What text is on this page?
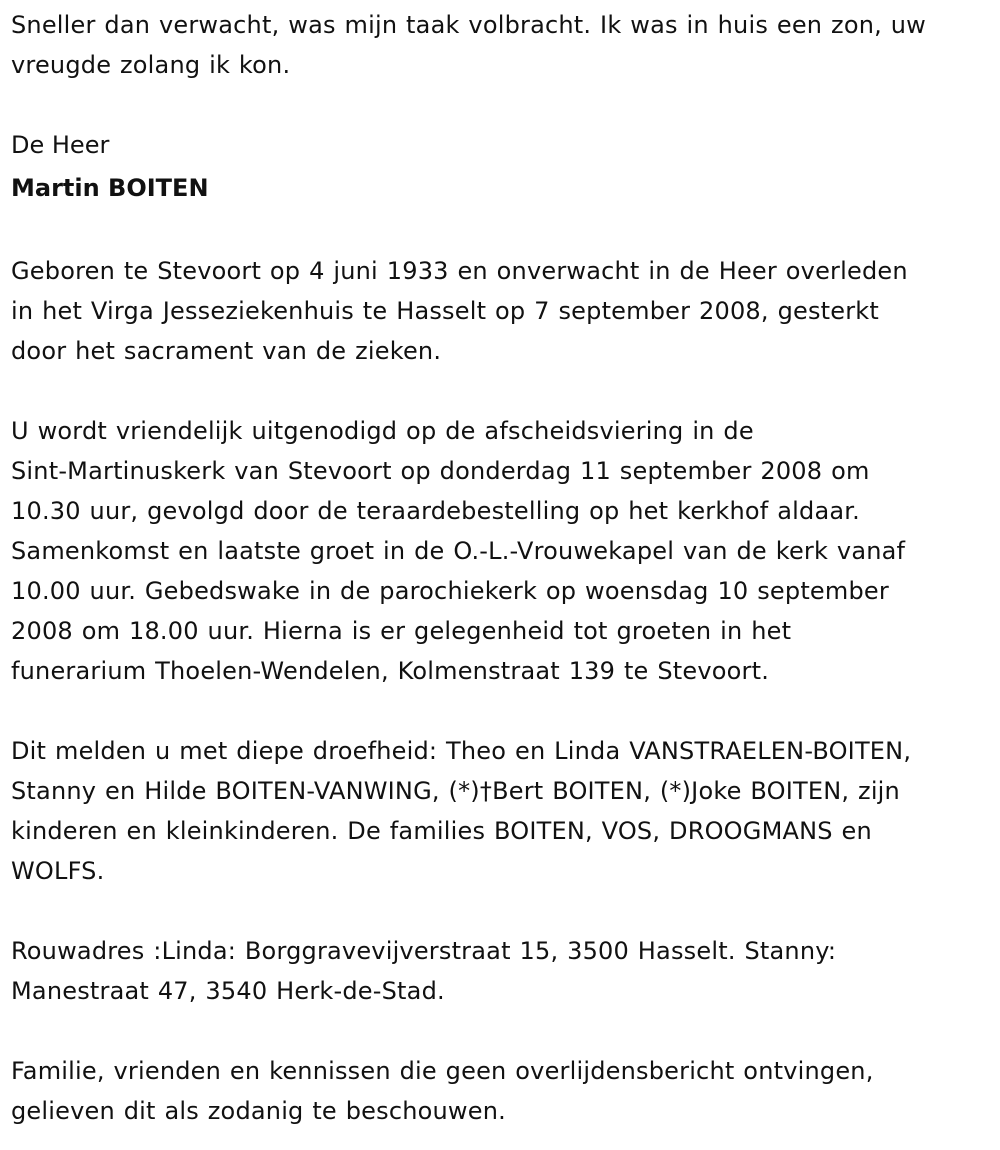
Sneller dan verwacht, was mijn taak volbracht. Ik was in huis een zon, uw
vreugde zolang ik kon.

De Heer

Martin BOITEN

Geboren te Stevoort op 4 juni 1933 en onverwacht in de Heer overleden
in het Virga Jesseziekenhuis te Hasselt op 7 september 2008, gesterkt
door het sacrament van de zieken.

U wordt vriendelijk uitgenodigd op de afscheidsviering in de
Sint-Martinuskerk van Stevoort op donderdag 11 september 2008 om
10.30 uur, gevolgd door de teraardebestelling op het kerkhof aldaar.
Samenkomst en laatste groet in de O.-L.-Vrouwekapel van de kerk vanaf
10.00 uur. Gebedswake in de parochiekerk op woensdag 10 september
2008 om 18.00 uur. Hierna is er gelegenheid tot groeten in het
funerarium Thoelen-Wendelen, Kolmenstraat 139 te Stevoort.

Dit melden u met diepe droefheid: Theo en Linda VANSTRAELEN-BOITEN,
Stanny en Hilde BOITEN-VANWING, (*)†Bert BOITEN, (*)Joke BOITEN, zijn
kinderen en kleinkinderen. De families BOITEN, VOS, DROOGMANS en
WOLFS.

Rouwadres :Linda: Borggravevijverstraat 15, 3500 Hasselt. Stanny:
Manestraat 47, 3540 Herk-de-Stad.

Familie, vrienden en kennissen die geen overlijdensbericht ontvingen,
gelieven dit als zodanig te beschouwen.
